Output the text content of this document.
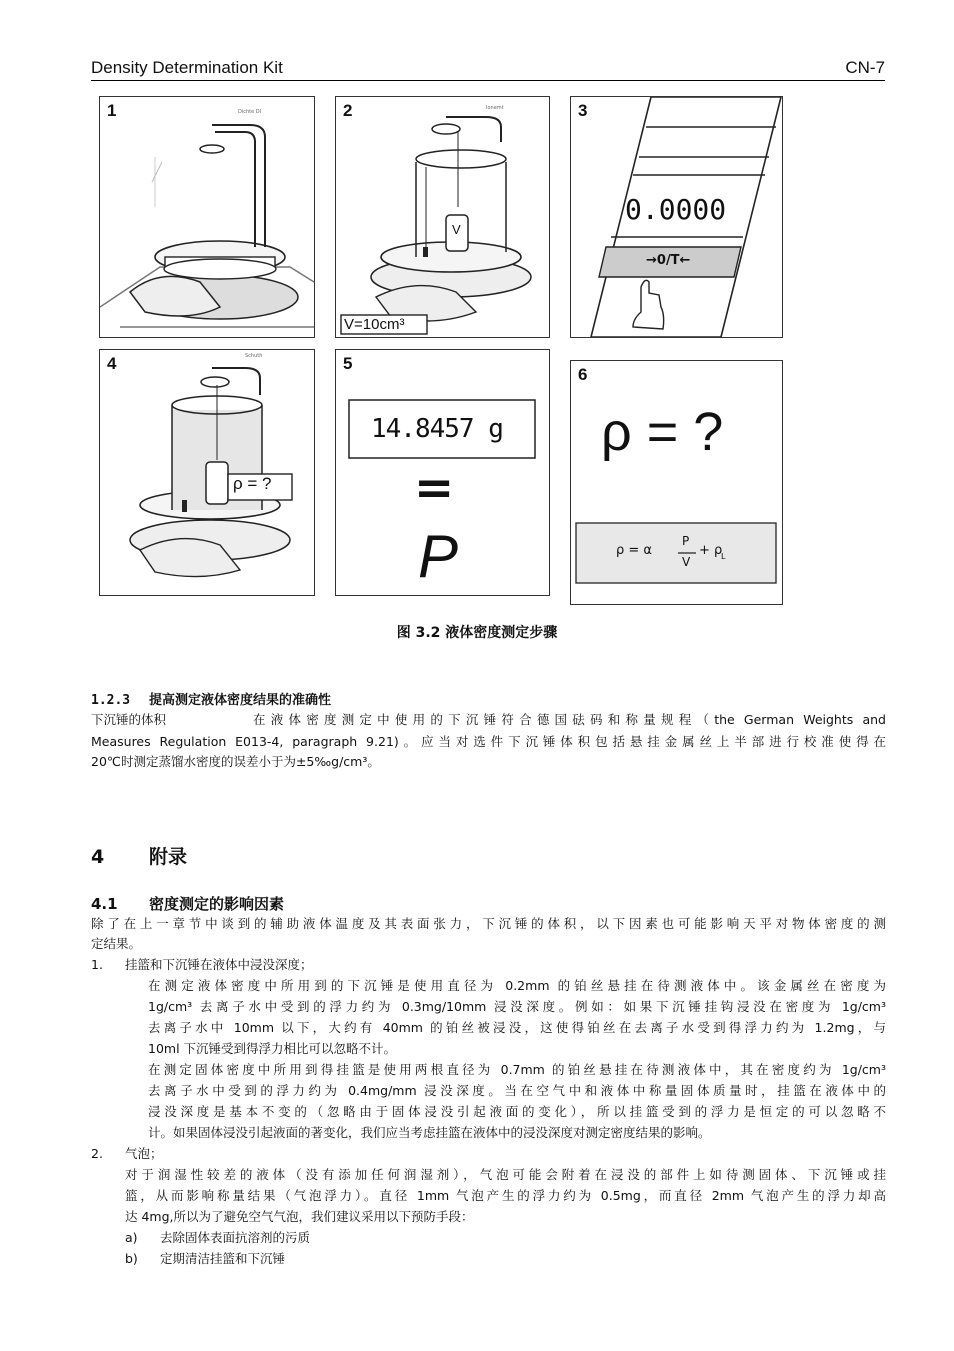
Density Determination Kit	CN-7
1	Dichte DI	2	Ionemt
V
V=10cm³
3
0.0000
→0/T←
4	Schuth
ρ = ?
5
14.8457 g
=
P
6
ρ = ?
ρ = α
P
V
+ ρ
L
图 3.2 液体密度测定步骤
1.2.3 提高测定液体密度结果的准确性
下沉锤的体积	在液体密度测定中使用的下沉锤符合德国砝码和称量规程（the German Weights and
Measures Regulation E013-4, paragraph 9.21)。应当对选件下沉锤体积包括悬挂金属丝上半部进行校准使得在
20℃时测定蒸馏水密度的误差小于为±5‰g/cm³。
4 附录
4.1 密度测定的影响因素
除了在上一章节中谈到的辅助液体温度及其表面张力，下沉锤的体积，以下因素也可能影响天平对物体密度的测
定结果。
1. 挂篮和下沉锤在液体中浸没深度；
在测定液体密度中所用到的下沉锤是使用直径为 0.2mm 的铂丝悬挂在待测液体中。该金属丝在密度为
1g/cm³ 去离子水中受到的浮力约为 0.3mg/10mm 浸没深度。例如：如果下沉锤挂钩浸没在密度为 1g/cm³
去离子水中 10mm 以下，大约有 40mm 的铂丝被浸没，这使得铂丝在去离子水受到得浮力约为 1.2mg，与
10ml 下沉锤受到得浮力相比可以忽略不计。
在测定固体密度中所用到得挂篮是使用两根直径为 0.7mm 的铂丝悬挂在待测液体中，其在密度约为 1g/cm³
去离子水中受到的浮力约为 0.4mg/mm 浸没深度。当在空气中和液体中称量固体质量时，挂篮在液体中的
浸没深度是基本不变的（忽略由于固体浸没引起液面的变化），所以挂篮受到的浮力是恒定的可以忽略不
计。如果固体浸没引起液面的著变化，我们应当考虑挂篮在液体中的浸没深度对测定密度结果的影响。
2. 气泡；
对于润湿性较差的液体（没有添加任何润湿剂），气泡可能会附着在浸没的部件上如待测固体、下沉锤或挂
篮，从而影响称量结果（气泡浮力）。直径 1mm 气泡产生的浮力约为 0.5mg，而直径 2mm 气泡产生的浮力却高
达 4mg,所以为了避免空气气泡，我们建议采用以下预防手段：
a) 去除固体表面抗溶剂的污质
b) 定期清洁挂篮和下沉锤
